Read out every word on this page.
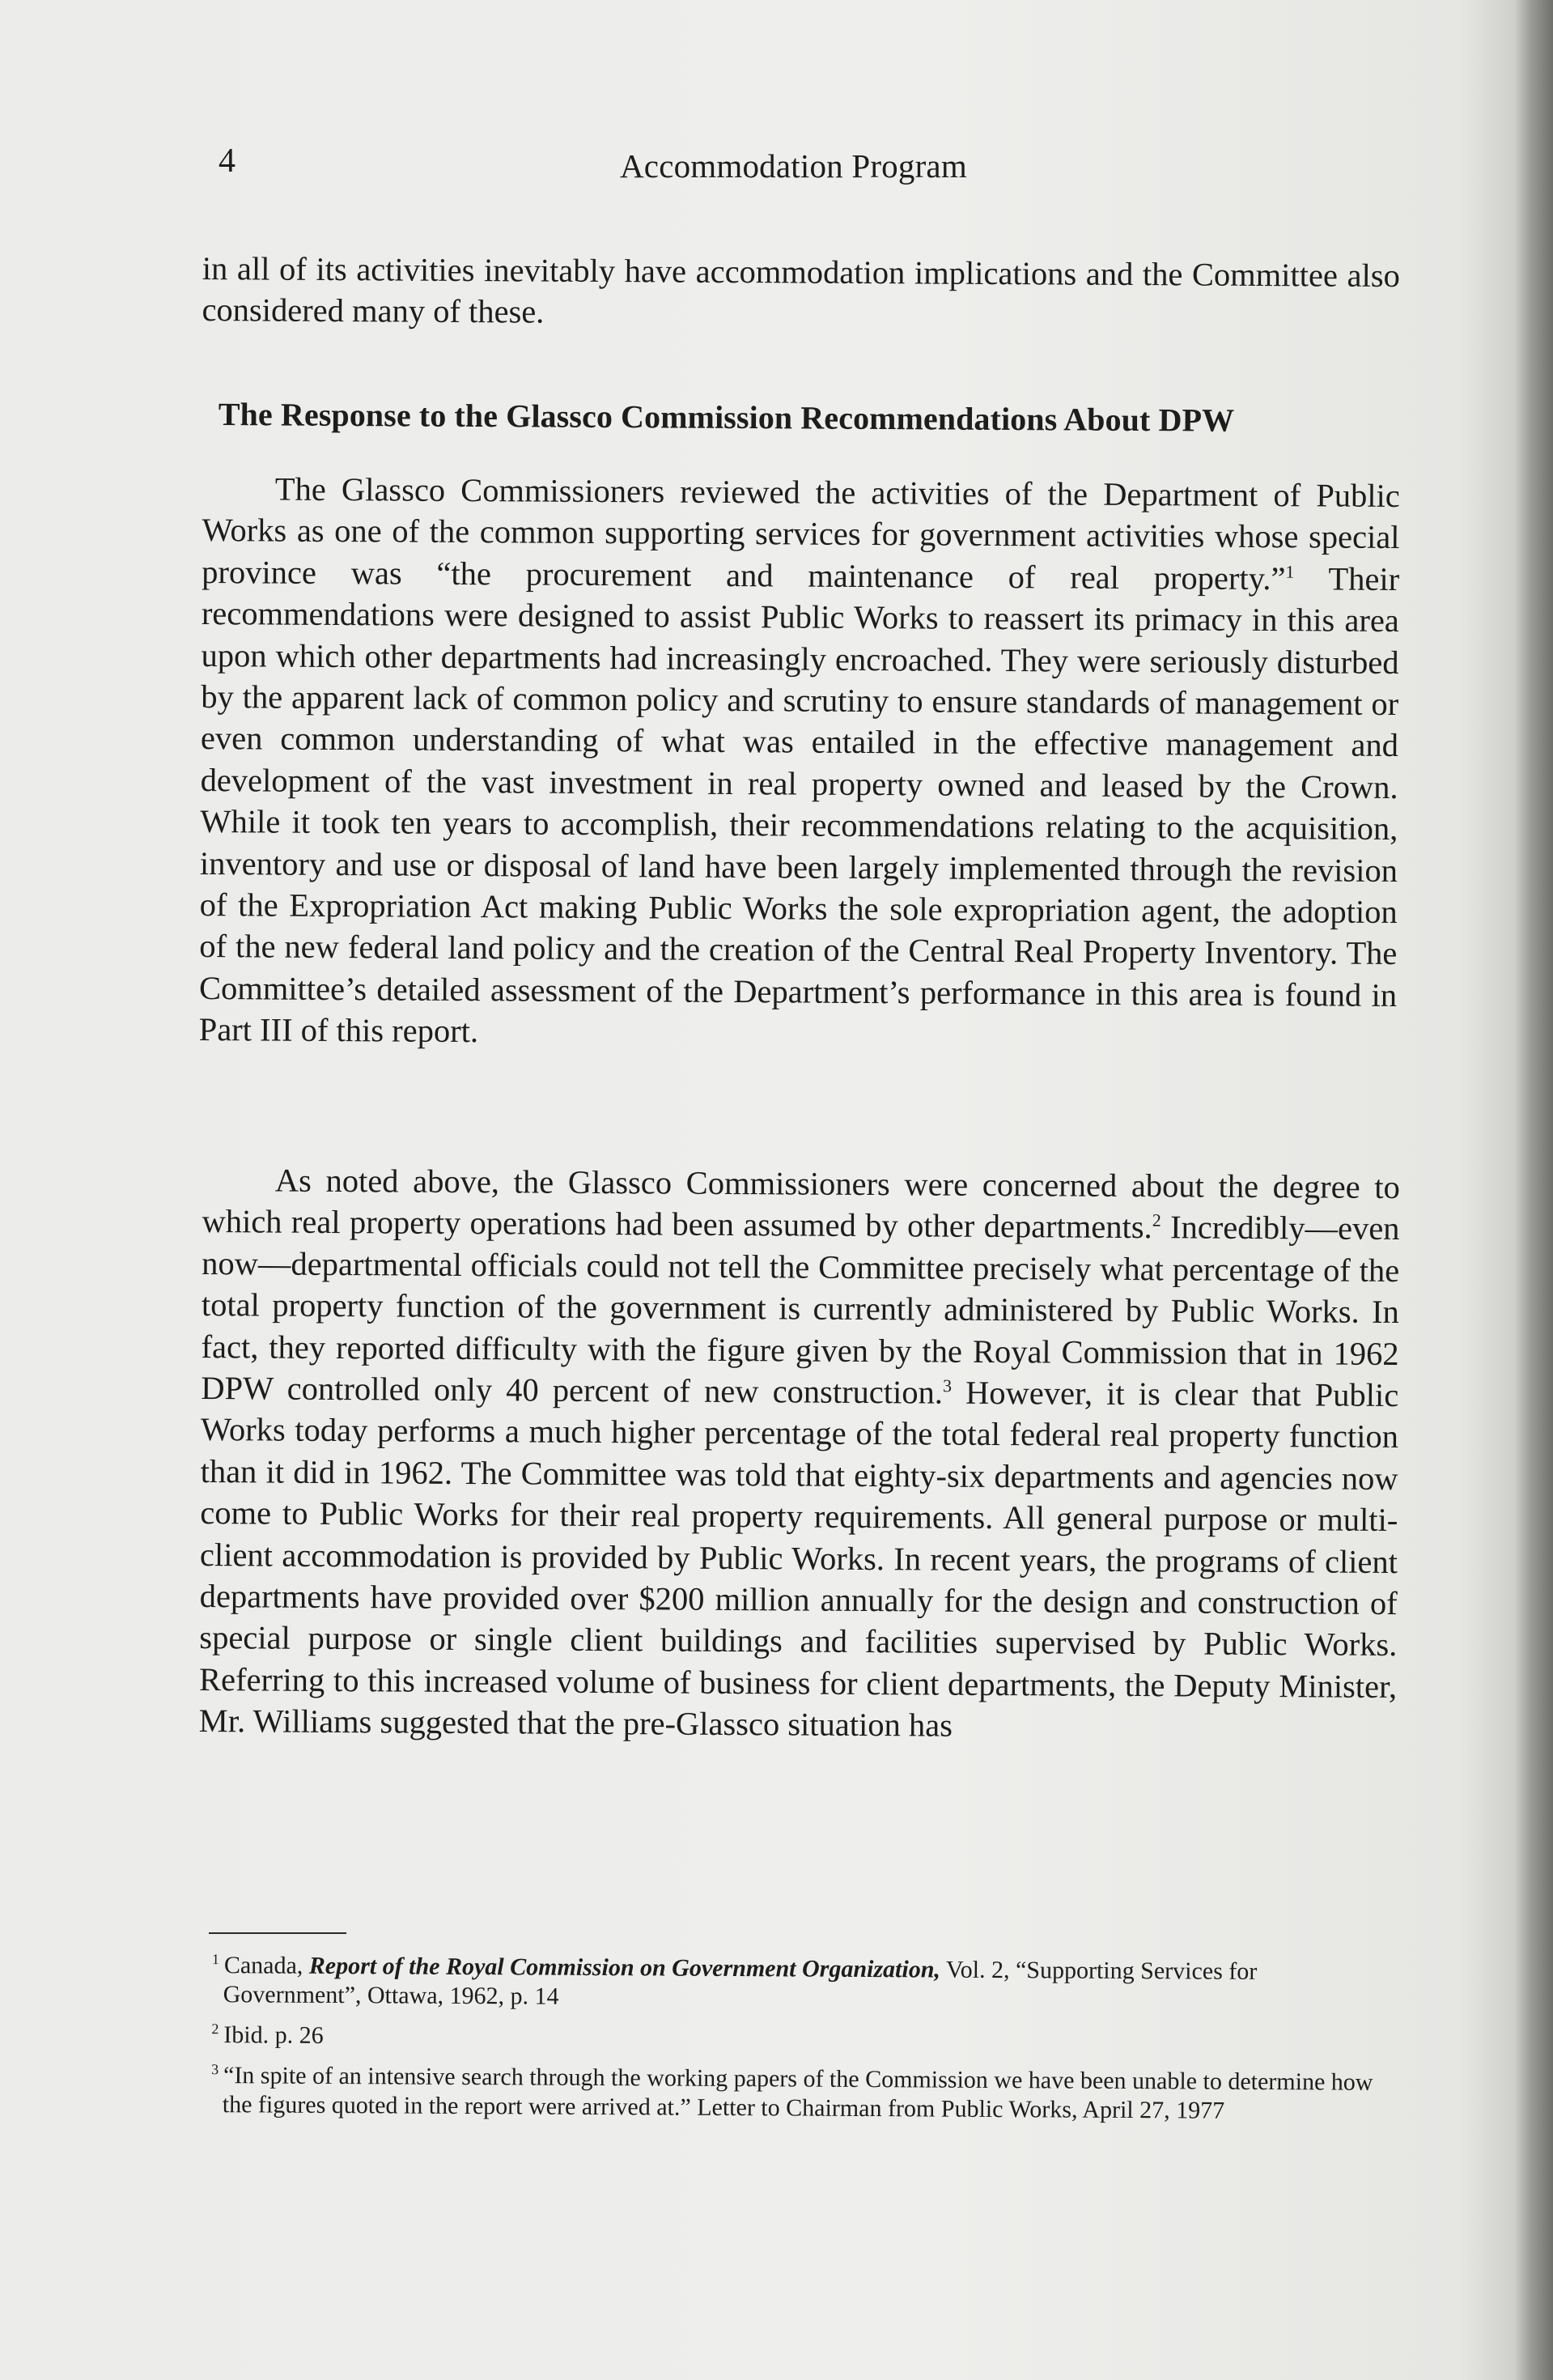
4	Accommodation Program

in all of its activities inevitably have accommodation implications and the Committee also considered many of these.

The Response to the Glassco Commission Recommendations About DPW

The Glassco Commissioners reviewed the activities of the Department of Public Works as one of the common supporting services for government activities whose special province was “the procurement and maintenance of real property.”$^1$ Their recommendations were designed to assist Public Works to reassert its primacy in this area upon which other departments had increasingly encroached. They were seriously disturbed by the apparent lack of common policy and scrutiny to ensure standards of management or even common understanding of what was entailed in the effective management and development of the vast investment in real property owned and leased by the Crown. While it took ten years to accomplish, their recommendations relating to the acquisition, inventory and use or disposal of land have been largely implemented through the revision of the Expropriation Act making Public Works the sole expropriation agent, the adoption of the new federal land policy and the creation of the Central Real Property Inventory. The Committee’s detailed assessment of the Department’s performance in this area is found in Part III of this report.

As noted above, the Glassco Commissioners were concerned about the degree to which real property operations had been assumed by other departments.$^2$ Incredibly—even now—departmental officials could not tell the Committee precisely what percentage of the total property function of the government is currently administered by Public Works. In fact, they reported difficulty with the figure given by the Royal Commission that in 1962 DPW controlled only 40 percent of new construction.$^3$ However, it is clear that Public Works today performs a much higher percentage of the total federal real property function than it did in 1962. The Committee was told that eighty-six departments and agencies now come to Public Works for their real property requirements. All general purpose or multi-client accommodation is provided by Public Works. In recent years, the programs of client departments have provided over $200 million annually for the design and construction of special purpose or single client buildings and facilities supervised by Public Works. Referring to this increased volume of business for client departments, the Deputy Minister, Mr. Williams suggested that the pre-Glassco situation has

$^1$ Canada, Report of the Royal Commission on Government Organization, Vol. 2, “Supporting Services for Government”, Ottawa, 1962, p. 14

$^2$ Ibid. p. 26

$^3$ “In spite of an intensive search through the working papers of the Commission we have been unable to determine how the figures quoted in the report were arrived at.” Letter to Chairman from Public Works, April 27, 1977
